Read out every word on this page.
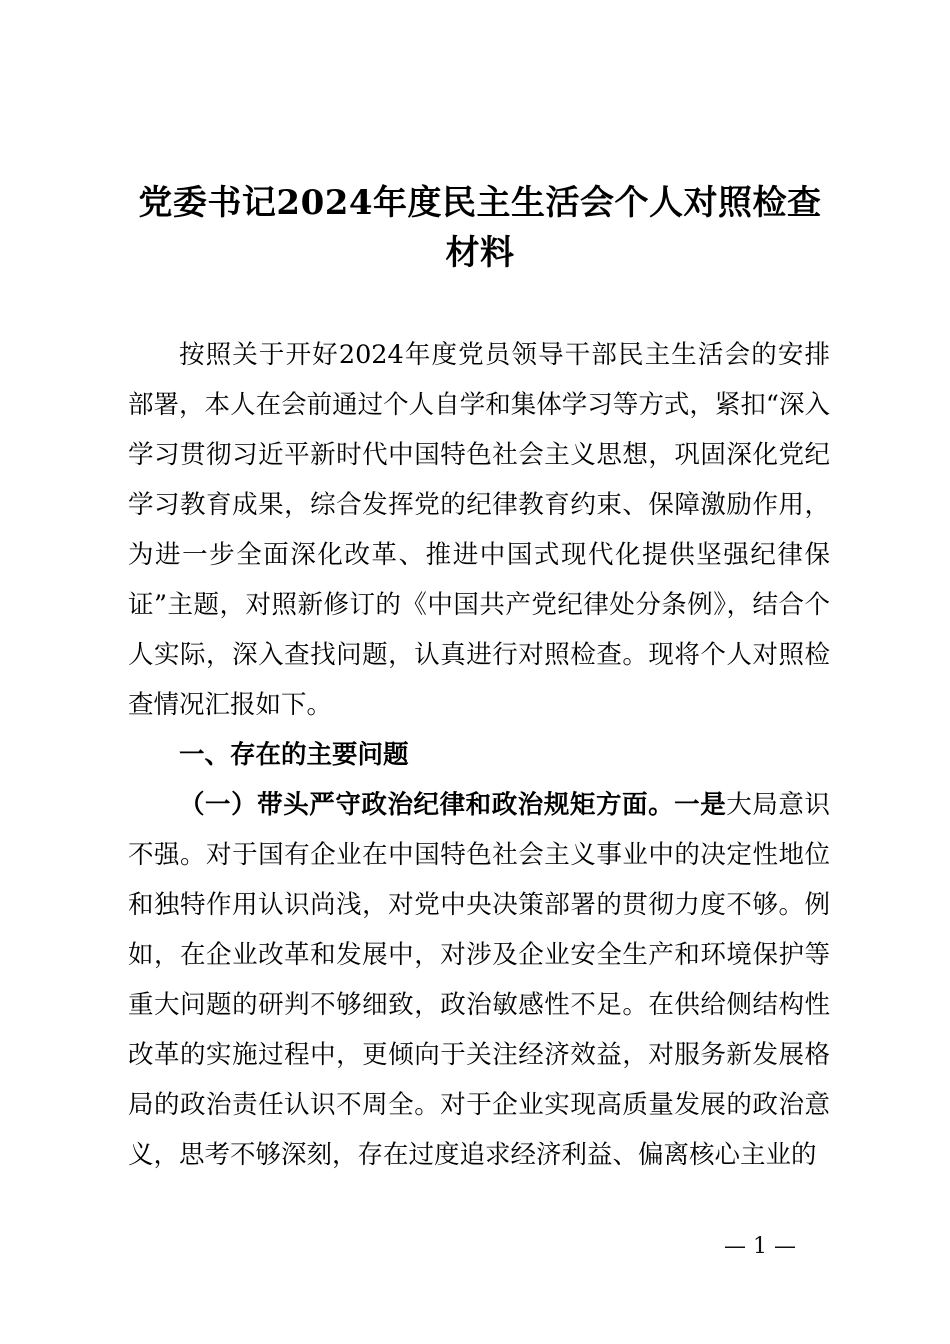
党委书记2024年度民主生活会个人对照检查
材料

按照关于开好2024年度党员领导干部民主生活会的安排部署，本人在会前通过个人自学和集体学习等方式，紧扣“深入学习贯彻习近平新时代中国特色社会主义思想，巩固深化党纪学习教育成果，综合发挥党的纪律教育约束、保障激励作用，为进一步全面深化改革、推进中国式现代化提供坚强纪律保证”主题，对照新修订的《中国共产党纪律处分条例》，结合个人实际，深入查找问题，认真进行对照检查。现将个人对照检查情况汇报如下。

一、存在的主要问题

（一）带头严守政治纪律和政治规矩方面。一是大局意识不强。对于国有企业在中国特色社会主义事业中的决定性地位和独特作用认识尚浅，对党中央决策部署的贯彻力度不够。例如，在企业改革和发展中，对涉及企业安全生产和环境保护等重大问题的研判不够细致，政治敏感性不足。在供给侧结构性改革的实施过程中，更倾向于关注经济效益，对服务新发展格局的政治责任认识不周全。对于企业实现高质量发展的政治意义，思考不够深刻，存在过度追求经济利益、偏离核心主业的

— 1 —
